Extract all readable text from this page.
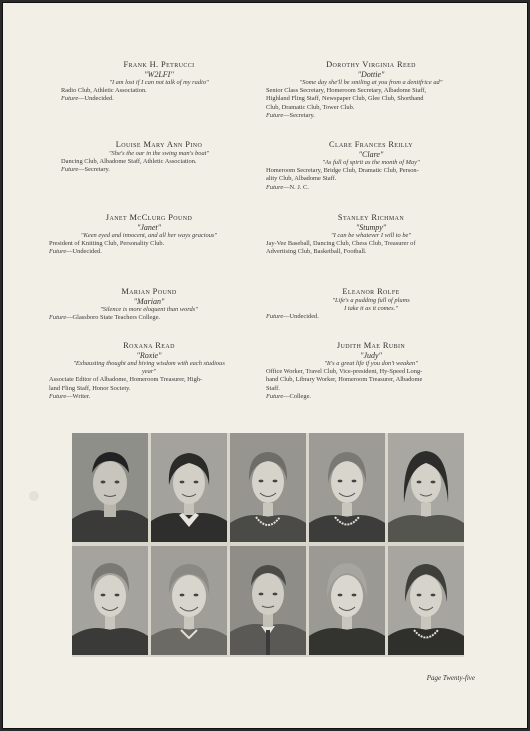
Frank H. Petrucci
"W2LFI"
"I am lost if I can not talk of my radio"
Radio Club, Athletic Association.
Future—Undecided.
Louise Mary Ann Pino
"She's the oar in the swing man's boat"
Dancing Club, Albadome Staff, Athletic Association.
Future—Secretary.
Janet McClurg Pound
"Janet"
"Keen eyed and innocent, and all her ways gracious"
President of Knitting Club, Personality Club.
Future—Undecided.
Marian Pound
"Marian"
"Silence is more eloquent than words"
Future—Glassboro State Teachers College.
Roxana Read
"Roxie"
"Exhausting thought and hiving wisdom with each studious
year"
Associate Editor of Albadome, Homeroom Treasurer, High-
land Fling Staff, Honor Society.
Future—Writer.
Dorothy Virginia Reed
"Dottie"
"Some day she'll be smiling at you from a dentifrice ad"
Senior Class Secretary, Homeroom Secretary, Albadome Staff,
Highland Fling Staff, Newspaper Club, Glee Club, Shorthand
Club, Dramatic Club, Tower Club.
Future—Secretary.
Clare Frances Reilly
"Clare"
"As full of spirit as the month of May"
Homeroom Secretary, Bridge Club, Dramatic Club, Person-
ality Club, Albadome Staff.
Future—N. J. C.
Stanley Richman
"Stumpy"
"I can be whatever I will to be"
Jay-Vee Baseball, Dancing Club, Chess Club, Treasurer of
Advertising Club, Basketball, Football.
Eleanor Rolfe
"Life's a pudding full of plums
I take it as it comes."
Future—Undecided.
Judith Mae Rubin
"Judy"
"It's a great life if you don't weaken"
Office Worker, Travel Club, Vice-president, Hy-Speed Long-
hand Club, Library Worker, Homeroom Treasurer, Albadome
Staff.
Future—College.
Page Twenty-five
